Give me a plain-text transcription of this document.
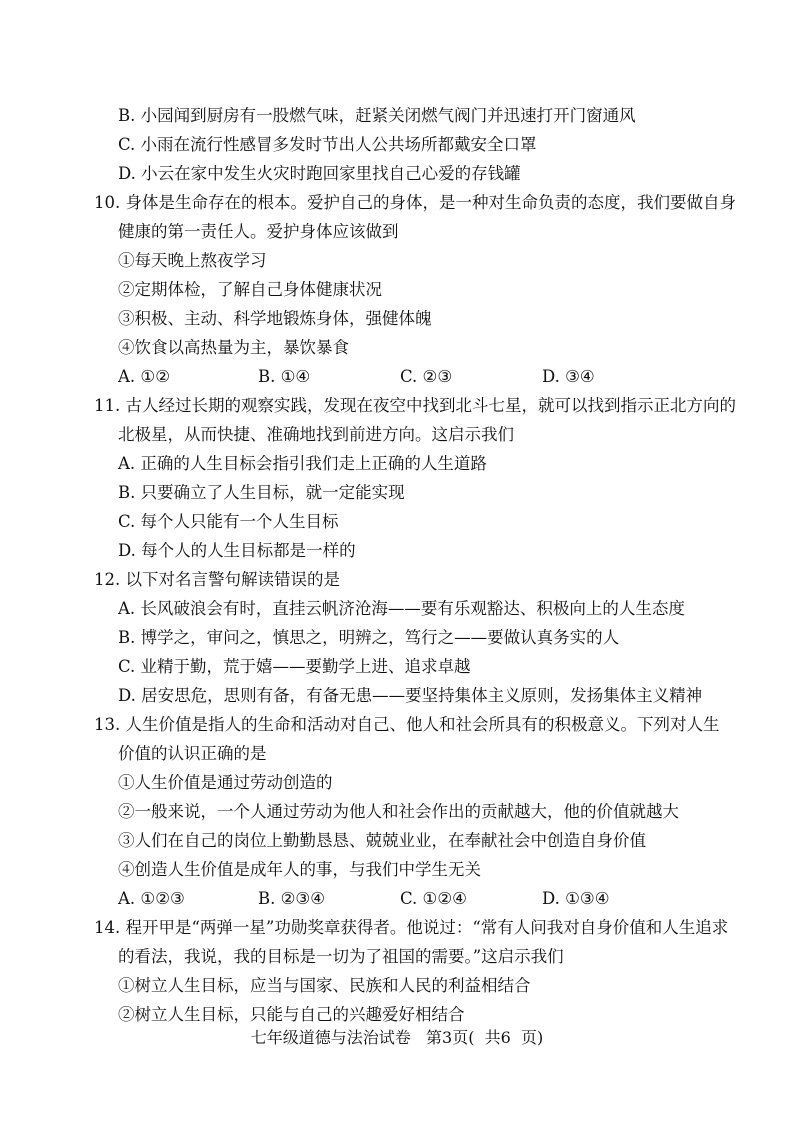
B. 小园闻到厨房有一股燃气味，赶紧关闭燃气阀门并迅速打开门窗通风
C. 小雨在流行性感冒多发时节出人公共场所都戴安全口罩
D. 小云在家中发生火灾时跑回家里找自己心爱的存钱罐
10. 身体是生命存在的根本。爱护自己的身体，是一种对生命负责的态度，我们要做自身
健康的第一责任人。爱护身体应该做到
①每天晚上熬夜学习
②定期体检，了解自己身体健康状况
③积极、主动、科学地锻炼身体，强健体魄
④饮食以高热量为主，暴饮暴食
A. ①②	B. ①④	C. ②③	D. ③④
11. 古人经过长期的观察实践，发现在夜空中找到北斗七星，就可以找到指示正北方向的
北极星，从而快捷、准确地找到前进方向。这启示我们
A. 正确的人生目标会指引我们走上正确的人生道路
B. 只要确立了人生目标，就一定能实现
C. 每个人只能有一个人生目标
D. 每个人的人生目标都是一样的
12. 以下对名言警句解读错误的是
A. 长风破浪会有时，直挂云帆济沧海——要有乐观豁达、积极向上的人生态度
B. 博学之，审问之，慎思之，明辨之，笃行之——要做认真务实的人
C. 业精于勤，荒于嬉——要勤学上进、追求卓越
D. 居安思危，思则有备，有备无患——要坚持集体主义原则，发扬集体主义精神
13. 人生价值是指人的生命和活动对自己、他人和社会所具有的积极意义。下列对人生
价值的认识正确的是
①人生价值是通过劳动创造的
②一般来说，一个人通过劳动为他人和社会作出的贡献越大，他的价值就越大
③人们在自己的岗位上勤勤恳恳、兢兢业业，在奉献社会中创造自身价值
④创造人生价值是成年人的事，与我们中学生无关
A. ①②③	B. ②③④	C. ①②④	D. ①③④
14. 程开甲是“两弹一星”功勋奖章获得者。他说过：“常有人问我对自身价值和人生追求
的看法，我说，我的目标是一切为了祖国的需要。”这启示我们
①树立人生目标，应当与国家、民族和人民的利益相结合
②树立人生目标，只能与自己的兴趣爱好相结合
七年级道德与法治试卷   第3页(  共6  页)
